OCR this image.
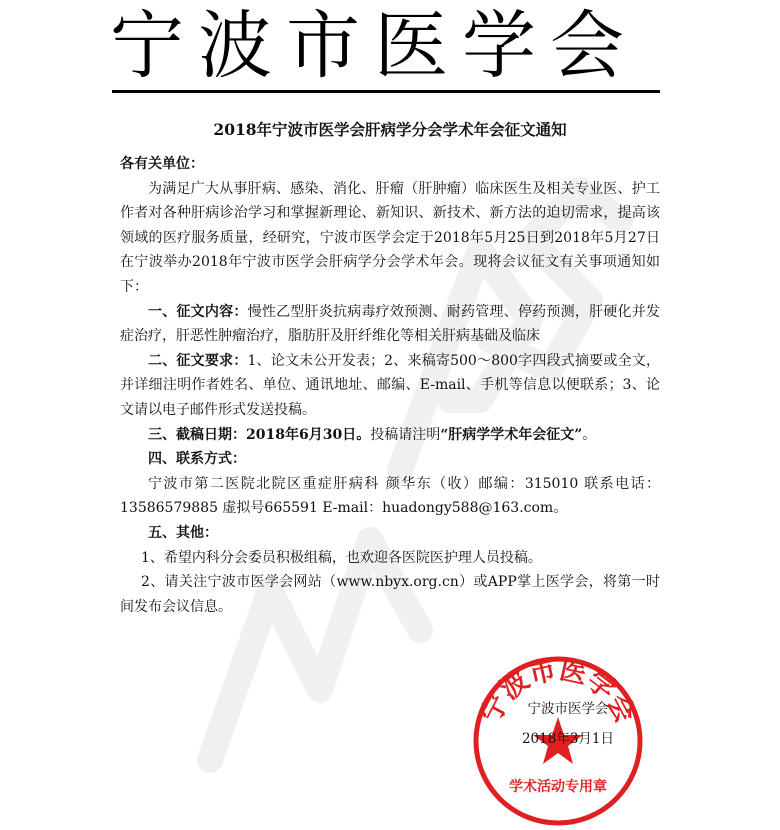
宁波市医学会
2018年宁波市医学会肝病学分会学术年会征文通知

各有关单位：

为满足广大从事肝病、感染、消化、肝瘤（肝肿瘤）临床医生及相关专业医、护工作者对各种肝病诊治学习和掌握新理论、新知识、新技术、新方法的迫切需求，提高该领域的医疗服务质量，经研究，宁波市医学会定于2018年5月25日到2018年5月27日在宁波举办2018年宁波市医学会肝病学分会学术年会。现将会议征文有关事项通知如下：

一、征文内容：慢性乙型肝炎抗病毒疗效预测、耐药管理、停药预测，肝硬化并发症治疗，肝恶性肿瘤治疗，脂肪肝及肝纤维化等相关肝病基础及临床

二、征文要求：1、论文未公开发表；2、来稿寄500～800字四段式摘要或全文，并详细注明作者姓名、单位、通讯地址、邮编、E-mail、手机等信息以便联系；3、论文请以电子邮件形式发送投稿。

三、截稿日期：2018年6月30日。投稿请注明“肝病学学术年会征文”。

四、联系方式：

宁波市第二医院北院区重症肝病科 颜华东（收）邮编：315010 联系电话：13586579885 虚拟号665591 E-mail：huadongy588@163.com。

五、其他：

1、希望内科分会委员积极组稿，也欢迎各医院医护理人员投稿。

2、请关注宁波市医学会网站（www.nbyx.org.cn）或APP掌上医学会，将第一时间发布会议信息。

宁波市医学会
学术活动专用章
宁波市医学会
2018年3月1日
